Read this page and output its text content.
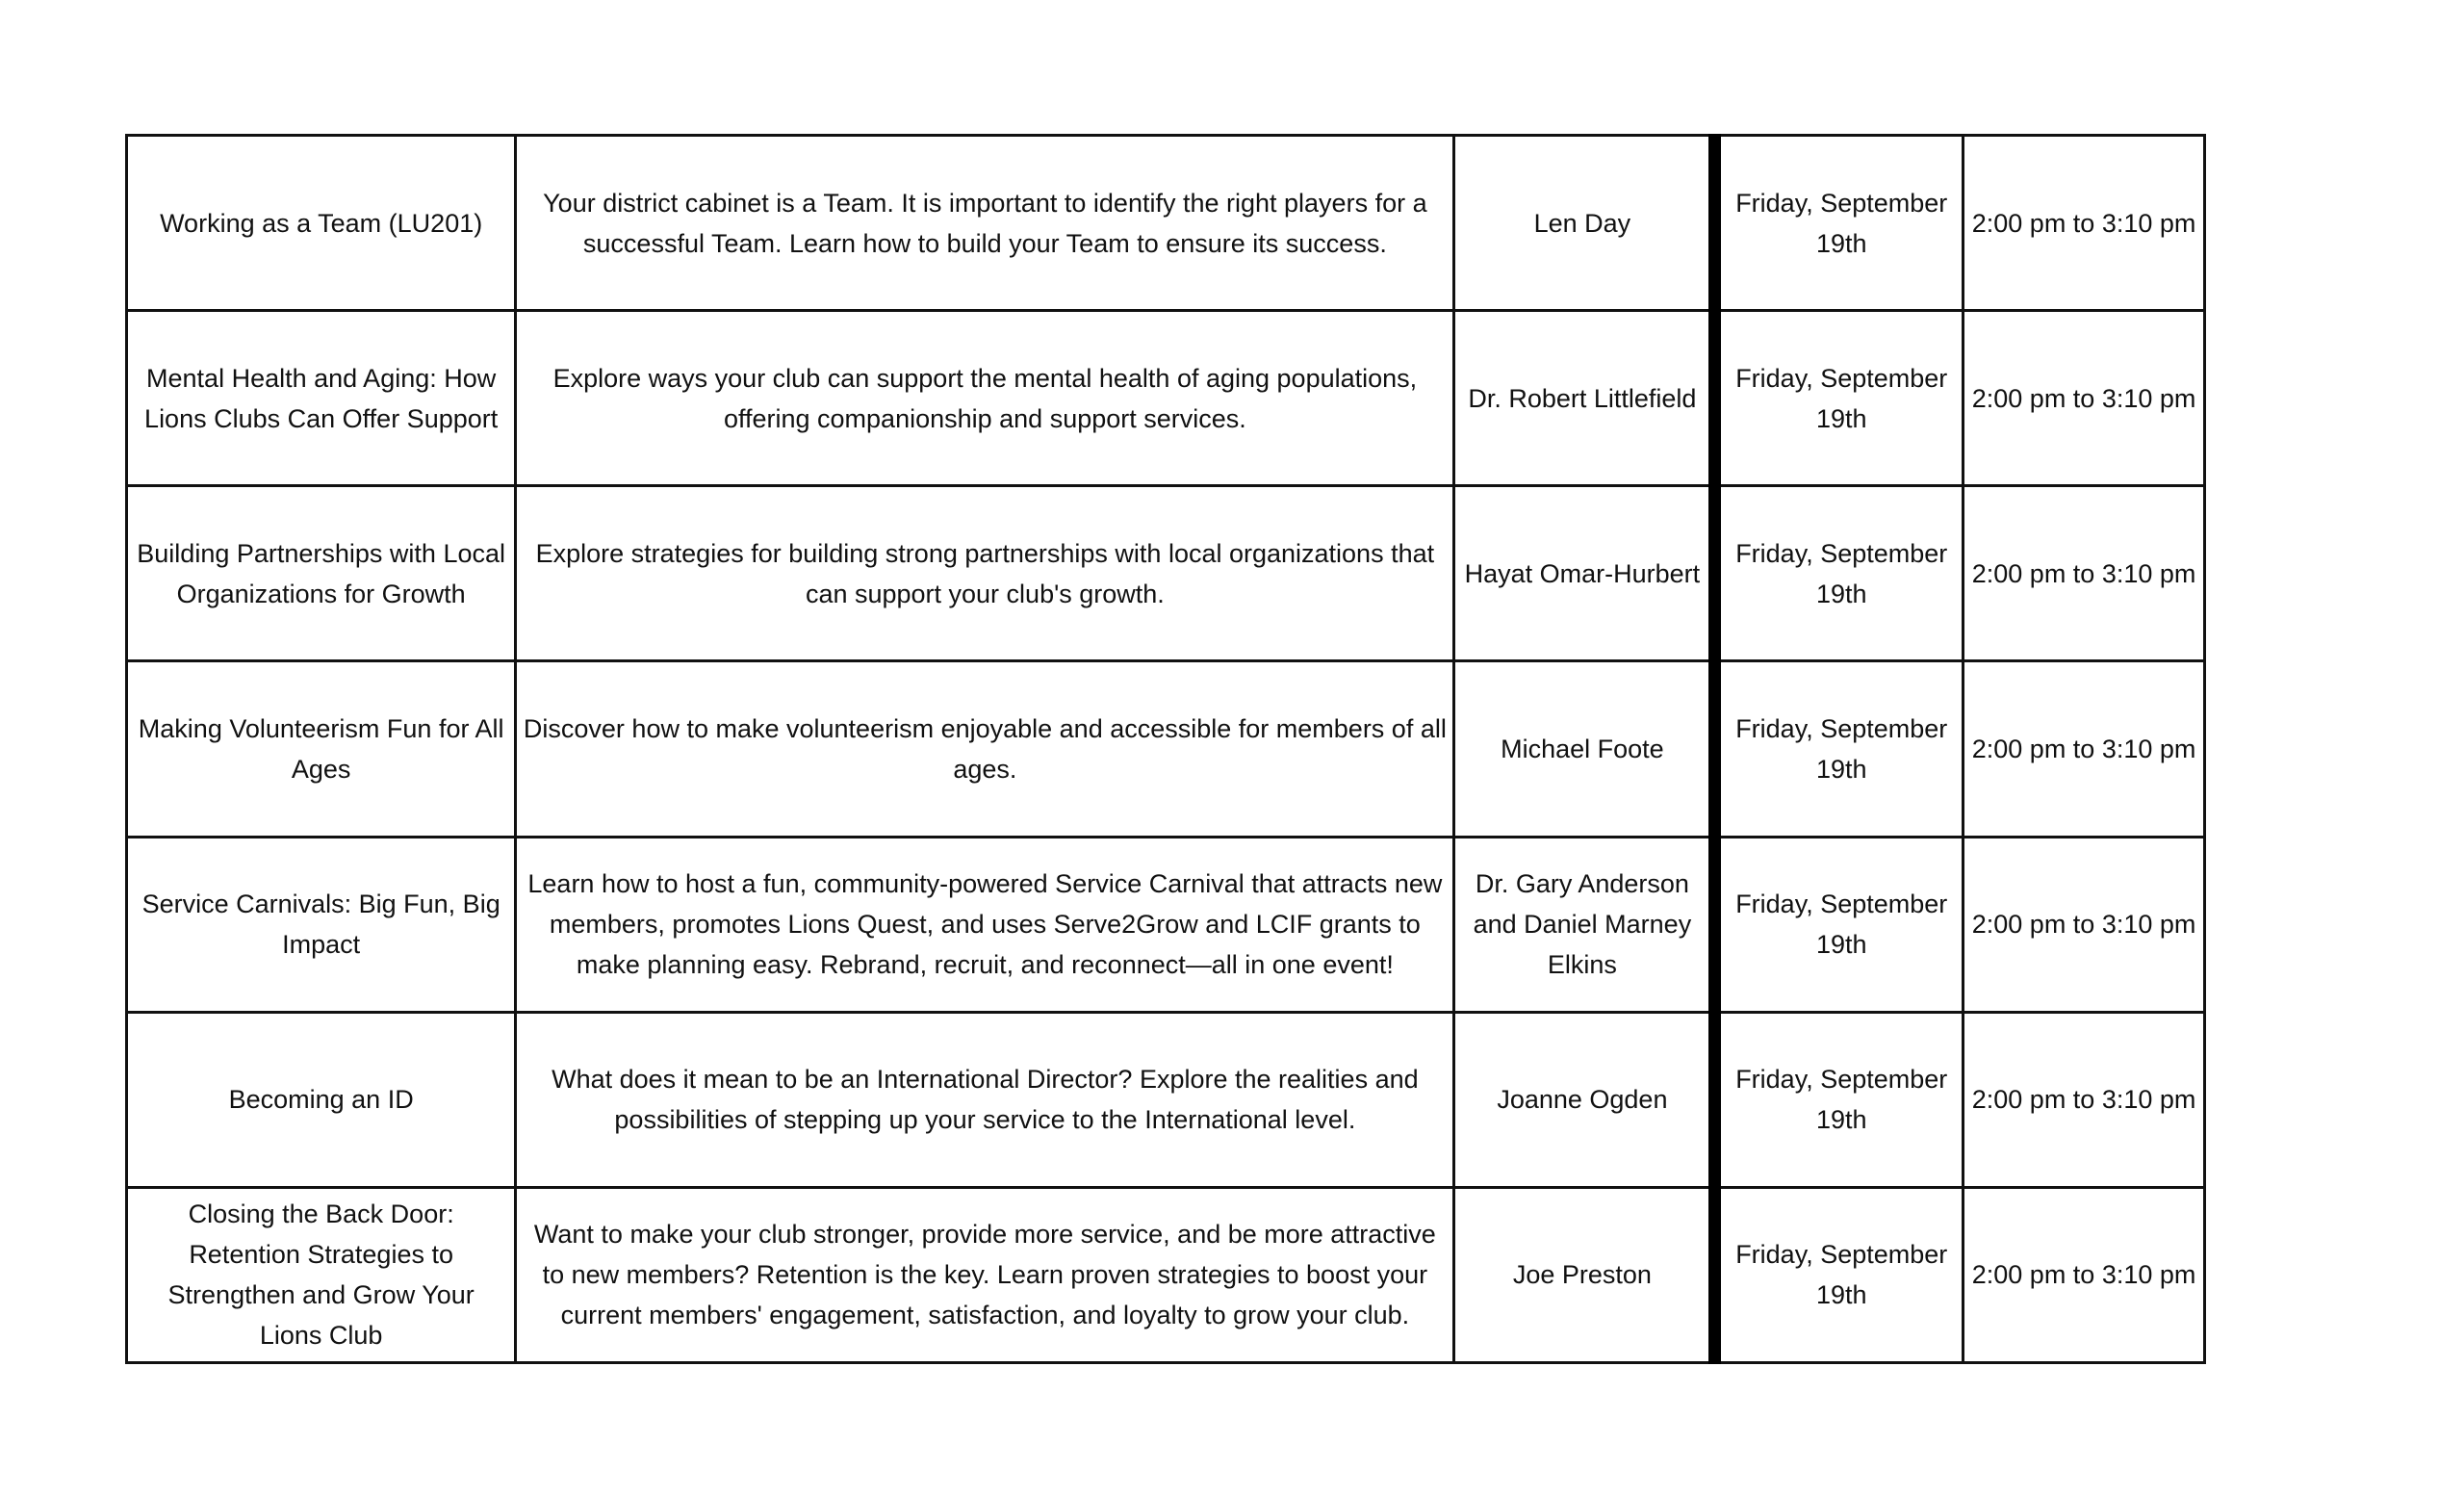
Working as a Team (LU201)	Your district cabinet is a Team. It is important to identify the right players for a successful Team. Learn how to build your Team to ensure its success.	Len Day	Friday, September 19th	2:00 pm to 3:10 pm
Mental Health and Aging: How Lions Clubs Can Offer Support	Explore ways your club can support the mental health of aging populations, offering companionship and support services.	Dr. Robert Littlefield	Friday, September 19th	2:00 pm to 3:10 pm
Building Partnerships with Local Organizations for Growth	Explore strategies for building strong partnerships with local organizations that can support your club's growth.	Hayat Omar-Hurbert	Friday, September 19th	2:00 pm to 3:10 pm
Making Volunteerism Fun for All Ages	Discover how to make volunteerism enjoyable and accessible for members of all ages.	Michael Foote	Friday, September 19th	2:00 pm to 3:10 pm
Service Carnivals: Big Fun, Big Impact	Learn how to host a fun, community-powered Service Carnival that attracts new members, promotes Lions Quest, and uses Serve2Grow and LCIF grants to make planning easy. Rebrand, recruit, and reconnect—all in one event!	Dr. Gary Anderson and Daniel Marney Elkins	Friday, September 19th	2:00 pm to 3:10 pm
Becoming an ID	What does it mean to be an International Director? Explore the realities and possibilities of stepping up your service to the International level.	Joanne Ogden	Friday, September 19th	2:00 pm to 3:10 pm
Closing the Back Door: Retention Strategies to Strengthen and Grow Your Lions Club	Want to make your club stronger, provide more service, and be more attractive to new members? Retention is the key. Learn proven strategies to boost your current members' engagement, satisfaction, and loyalty to grow your club.	Joe Preston	Friday, September 19th	2:00 pm to 3:10 pm
